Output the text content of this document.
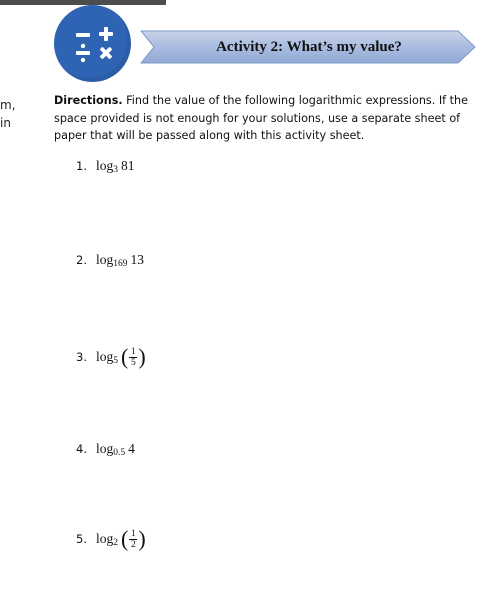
m,
in
Activity 2: What’s my value?
Directions. Find the value of the following logarithmic expressions. If the space provided is not enough for your solutions, use a separate sheet of paper that will be passed along with this activity sheet.
1. log 3 81
2. log 169 13
3. log 5 ( 1
5 )
4. log 0.5 4
5. log 2 ( 1
2 )
